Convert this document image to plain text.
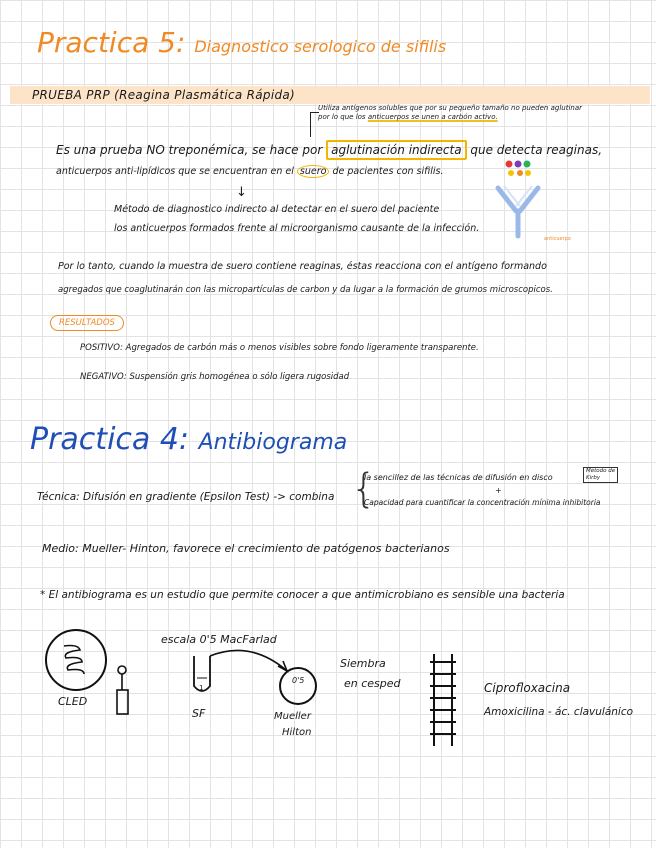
Practica 5: Diagnostico serologico de sifilis
PRUEBA PRP (Reagina Plasmática Rápida)
Utiliza antígenos solubles que por su pequeño tamaño no pueden aglutinar
por lo que los anticuerpos se unen a carbón activo.
Es una prueba NO treponémica, se hace por aglutinación indirecta que detecta reaginas,
anticuerpos anti-lipídicos que se encuentran en el suero de pacientes con sifilis.
anticuerpo
↓
Método de diagnostico indirecto al detectar en el suero del paciente
los anticuerpos formados frente al microorganismo causante de la infección.
Por lo tanto, cuando la muestra de suero contiene reaginas, éstas reacciona con el antígeno formando
agregados que coaglutinarán con las micropartículas de carbon y da lugar a la formación de grumos microscopicos.
RESULTADOS
POSITIVO: Agregados de carbón más o menos visibles sobre fondo ligeramente transparente.
NEGATIVO: Suspensión gris homogénea o sólo ligera rugosidad
Practica 4: Antibiograma
Técnica: Difusión en gradiente (Epsilon Test) -> combina {
la sencillez de las técnicas de difusión en disco
Método de
Kirby
+
Capacidad para cuantificar la concentración mínima inhibitoria
Medio: Mueller- Hinton, favorece el crecimiento de patógenos bacterianos
* El antibiograma es un estudio que permite conocer a que antimicrobiano es sensible una bacteria
1
escala 0'5 MacFarlad
Siembra
en cesped
CLED
SF
0'5
Mueller
Hilton
Ciprofloxacina
Amoxicilina - ác. clavulánico
